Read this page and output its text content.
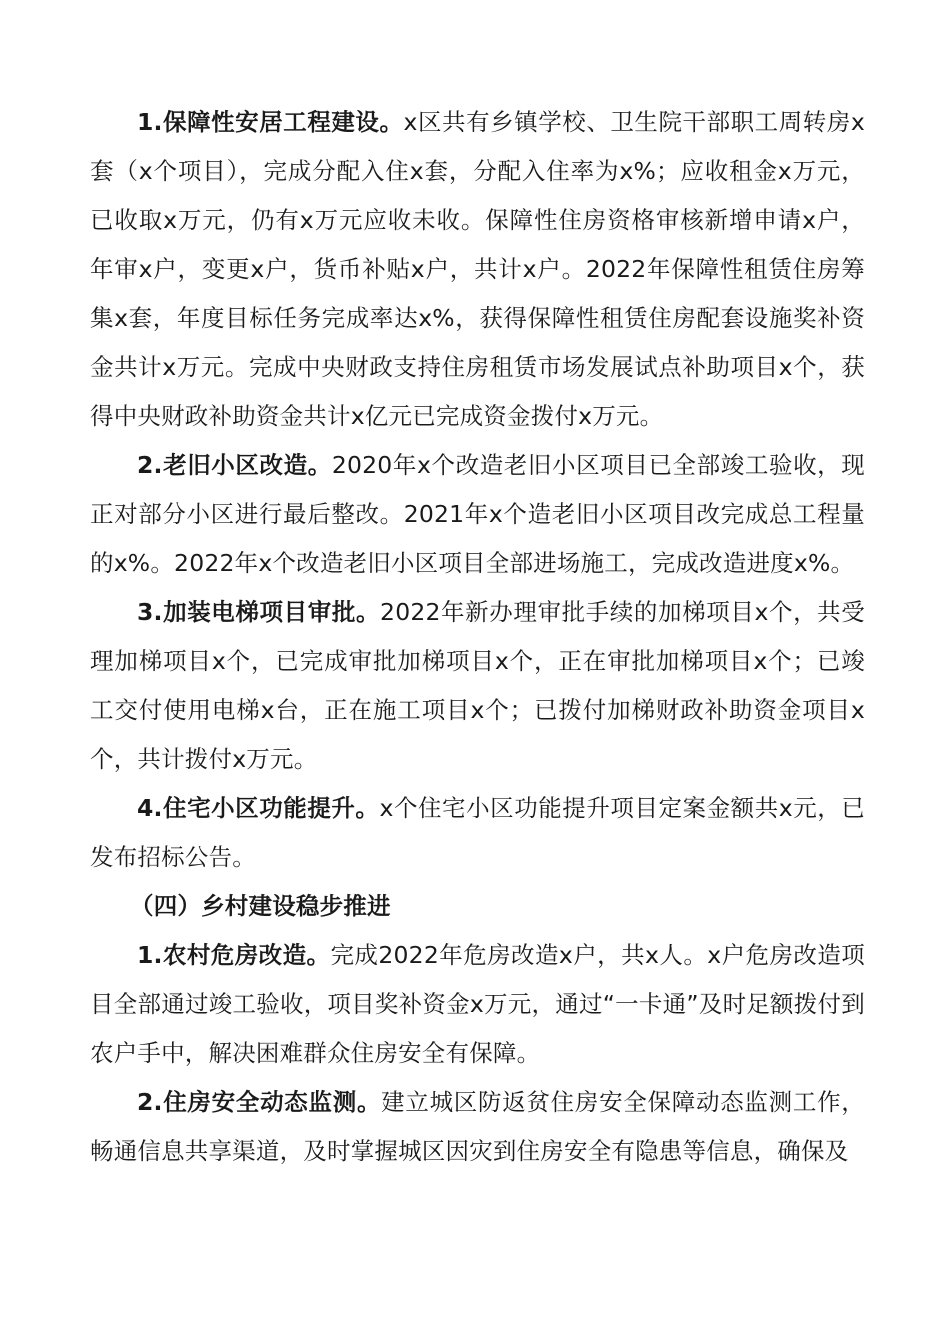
1.保障性安居工程建设。x区共有乡镇学校、卫生院干部职工周转房x套（x个项目），完成分配入住x套，分配入住率为x%；应收租金x万元，已收取x万元，仍有x万元应收未收。保障性住房资格审核新增申请x户，年审x户，变更x户，货币补贴x户，共计x户。2022年保障性租赁住房筹集x套，年度目标任务完成率达x%，获得保障性租赁住房配套设施奖补资金共计x万元。完成中央财政支持住房租赁市场发展试点补助项目x个，获得中央财政补助资金共计x亿元已完成资金拨付x万元。

2.老旧小区改造。2020年x个改造老旧小区项目已全部竣工验收，现正对部分小区进行最后整改。2021年x个造老旧小区项目改完成总工程量的x%。2022年x个改造老旧小区项目全部进场施工，完成改造进度x%。

3.加装电梯项目审批。2022年新办理审批手续的加梯项目x个，共受理加梯项目x个，已完成审批加梯项目x个，正在审批加梯项目x个；已竣工交付使用电梯x台，正在施工项目x个；已拨付加梯财政补助资金项目x个，共计拨付x万元。

4.住宅小区功能提升。x个住宅小区功能提升项目定案金额共x元，已发布招标公告。

（四）乡村建设稳步推进

1.农村危房改造。完成2022年危房改造x户，共x人。x户危房改造项目全部通过竣工验收，项目奖补资金x万元，通过“一卡通”及时足额拨付到农户手中，解决困难群众住房安全有保障。

2.住房安全动态监测。建立城区防返贫住房安全保障动态监测工作，畅通信息共享渠道，及时掌握城区因灾到住房安全有隐患等信息，确保及
